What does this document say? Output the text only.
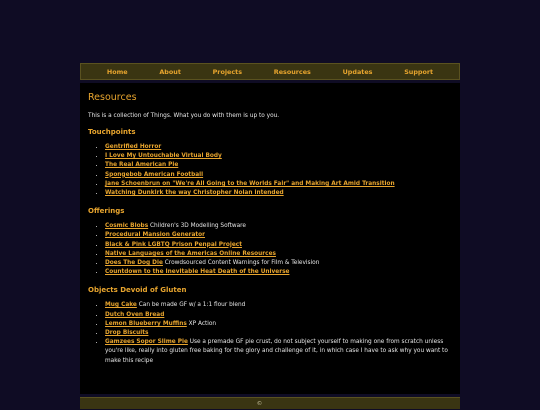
Home	About	Projects	Resources	Updates	Support
Resources

This is a collection of Things. What you do with them is up to you.

Touchpoints
• Gentrified Horror
• I Love My Untouchable Virtual Body
• The Real American Pie
• Spongebob American Football
• Jane Schoenbrun on "We're All Going to the Worlds Fair" and Making Art Amid Transition
• Watching Dunkirk the way Christopher Nolan intended
Offerings
• Cosmic Blobs Children's 3D Modelling Software
• Procedural Mansion Generator
• Black & Pink LGBTQ Prison Penpal Project
• Native Languages of the Americas Online Resources
• Does The Dog Die Crowdsourced Content Warnings for Film & Television
• Countdown to the Inevitable Heat Death of the Universe
Objects Devoid of Gluten
• Mug Cake Can be made GF w/ a 1:1 flour blend
• Dutch Oven Bread
• Lemon Blueberry Muffins XP Action
• Drop Biscuits
• Gamzees Sopor Slime Pie Use a premade GF pie crust, do not subject yourself to making one from scratch unless you're like, really into gluten free baking for the glory and challenge of it, in which case I have to ask why you want to make this recipe
©
